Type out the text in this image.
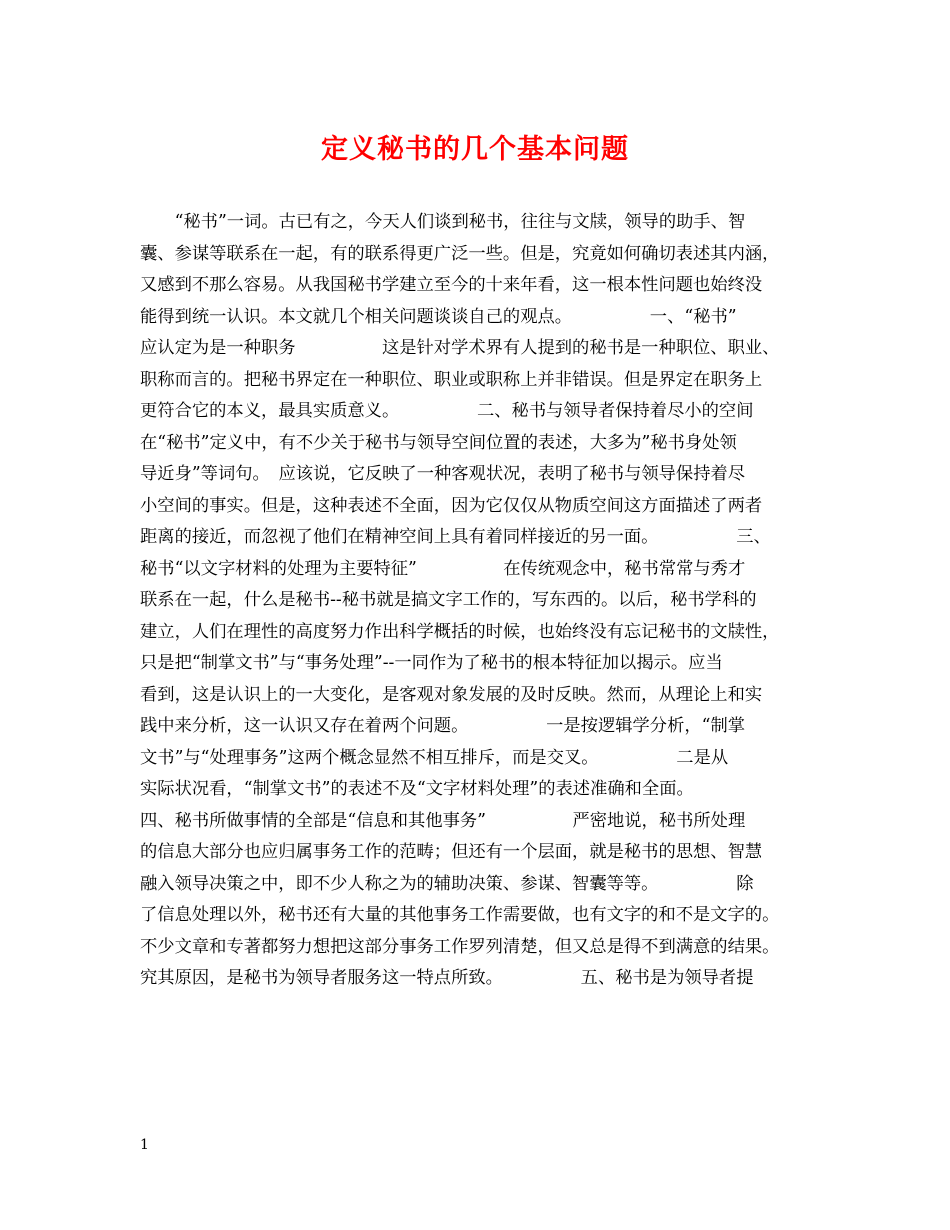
定义秘书的几个基本问题
　　“秘书”一词。古已有之，今天人们谈到秘书，往往与文牍，领导的助手、智
囊、参谋等联系在一起，有的联系得更广泛一些。但是，究竟如何确切表述其内涵，
又感到不那么容易。从我国秘书学建立至今的十来年看，这一根本性问题也始终没
能得到统一认识。本文就几个相关问题谈谈自己的观点。　　　　　一、“秘书”
应认定为是一种职务　　　　　这是针对学术界有人提到的秘书是一种职位、职业、
职称而言的。把秘书界定在一种职位、职业或职称上并非错误。但是界定在职务上
更符合它的本义，最具实质意义。　　　　　二、秘书与领导者保持着尽小的空间
在“秘书”定义中，有不少关于秘书与领导空间位置的表述，大多为”秘书身处领
导近身”等词句。　应该说，它反映了一种客观状况，表明了秘书与领导保持着尽
小空间的事实。但是，这种表述不全面，因为它仅仅从物质空间这方面描述了两者
距离的接近，而忽视了他们在精神空间上具有着同样接近的另一面。　　　　　三、
秘书“以文字材料的处理为主要特征”　　　　　在传统观念中，秘书常常与秀才
联系在一起，什么是秘书--秘书就是搞文字工作的，写东西的。以后，秘书学科的
建立，人们在理性的高度努力作出科学概括的时候，也始终没有忘记秘书的文牍性，
只是把“制掌文书”与“事务处理”--一同作为了秘书的根本特征加以揭示。应当
看到，这是认识上的一大变化，是客观对象发展的及时反映。然而，从理论上和实
践中来分析，这一认识又存在着两个问题。　　　　　一是按逻辑学分析，“制掌
文书”与“处理事务”这两个概念显然不相互排斥，而是交叉。　　　　　二是从
实际状况看，“制掌文书”的表述不及“文字材料处理”的表述准确和全面。
四、秘书所做事情的全部是“信息和其他事务”　　　　　严密地说，秘书所处理
的信息大部分也应归属事务工作的范畴；但还有一个层面，就是秘书的思想、智慧
融入领导决策之中，即不少人称之为的辅助决策、参谋、智囊等等。　　　　　除
了信息处理以外，秘书还有大量的其他事务工作需要做，也有文字的和不是文字的。
不少文章和专著都努力想把这部分事务工作罗列清楚，但又总是得不到满意的结果。
究其原因，是秘书为领导者服务这一特点所致。　　　　　五、秘书是为领导者提
1
